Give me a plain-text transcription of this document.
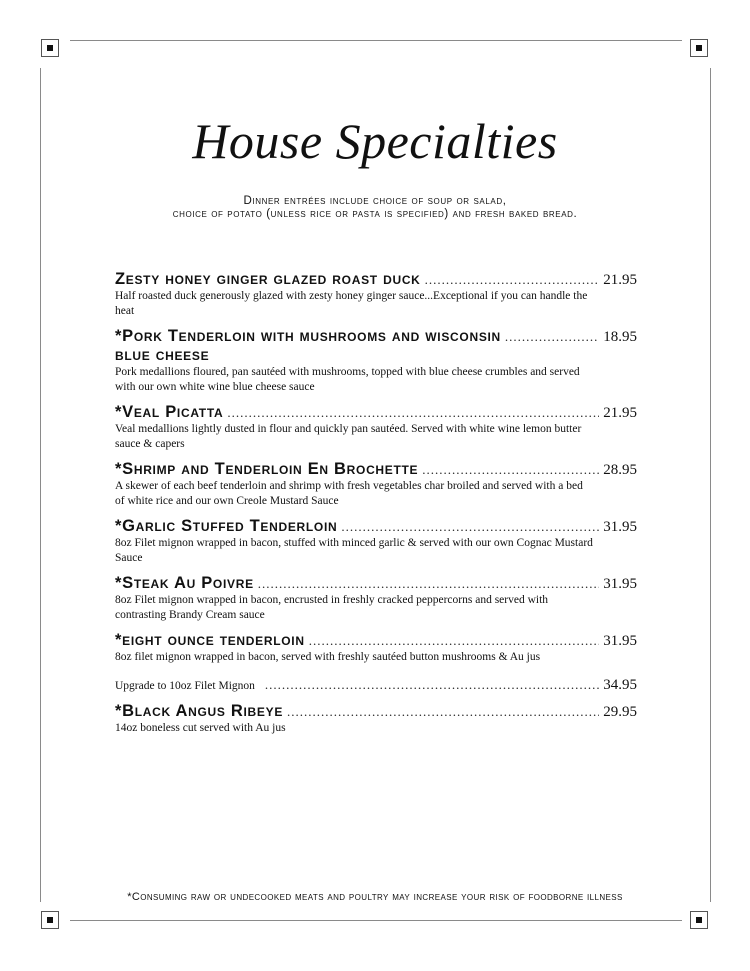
House Specialties
Dinner entrées include choice of soup or salad,
choice of potato (unless rice or pasta is specified) and fresh baked bread.
Zesty honey ginger glazed roast duck .....	21.95
Half roasted duck generously glazed with zesty honey ginger sauce...Exceptional if you can handle the heat
*Pork Tenderloin with mushrooms and wisconsin .....	18.95
blue cheese
Pork medallions floured, pan sautéed with mushrooms, topped with blue cheese crumbles and served with our own white wine blue cheese sauce
*Veal Picatta .....	21.95
Veal medallions lightly dusted in flour and quickly pan sautéed. Served with white wine lemon butter sauce & capers
*Shrimp and Tenderloin En Brochette .....	28.95
A skewer of each beef tenderloin and shrimp with fresh vegetables char broiled and served with a bed of white rice and our own Creole Mustard Sauce
*Garlic Stuffed Tenderloin .....	31.95
8oz Filet mignon wrapped in bacon, stuffed with minced garlic & served with our own Cognac Mustard Sauce
*Steak Au Poivre .....	31.95
8oz Filet mignon wrapped in bacon, encrusted in freshly cracked peppercorns and served with contrasting Brandy Cream sauce
*eight ounce tenderloin .....	31.95
8oz filet mignon wrapped in bacon, served with freshly sautéed button mushrooms & Au jus
Upgrade to 10oz Filet Mignon .....	34.95
*Black Angus Ribeye .....	29.95
14oz boneless cut served with Au jus
*Consuming raw or undecooked meats and poultry may increase your risk of foodborne illness
